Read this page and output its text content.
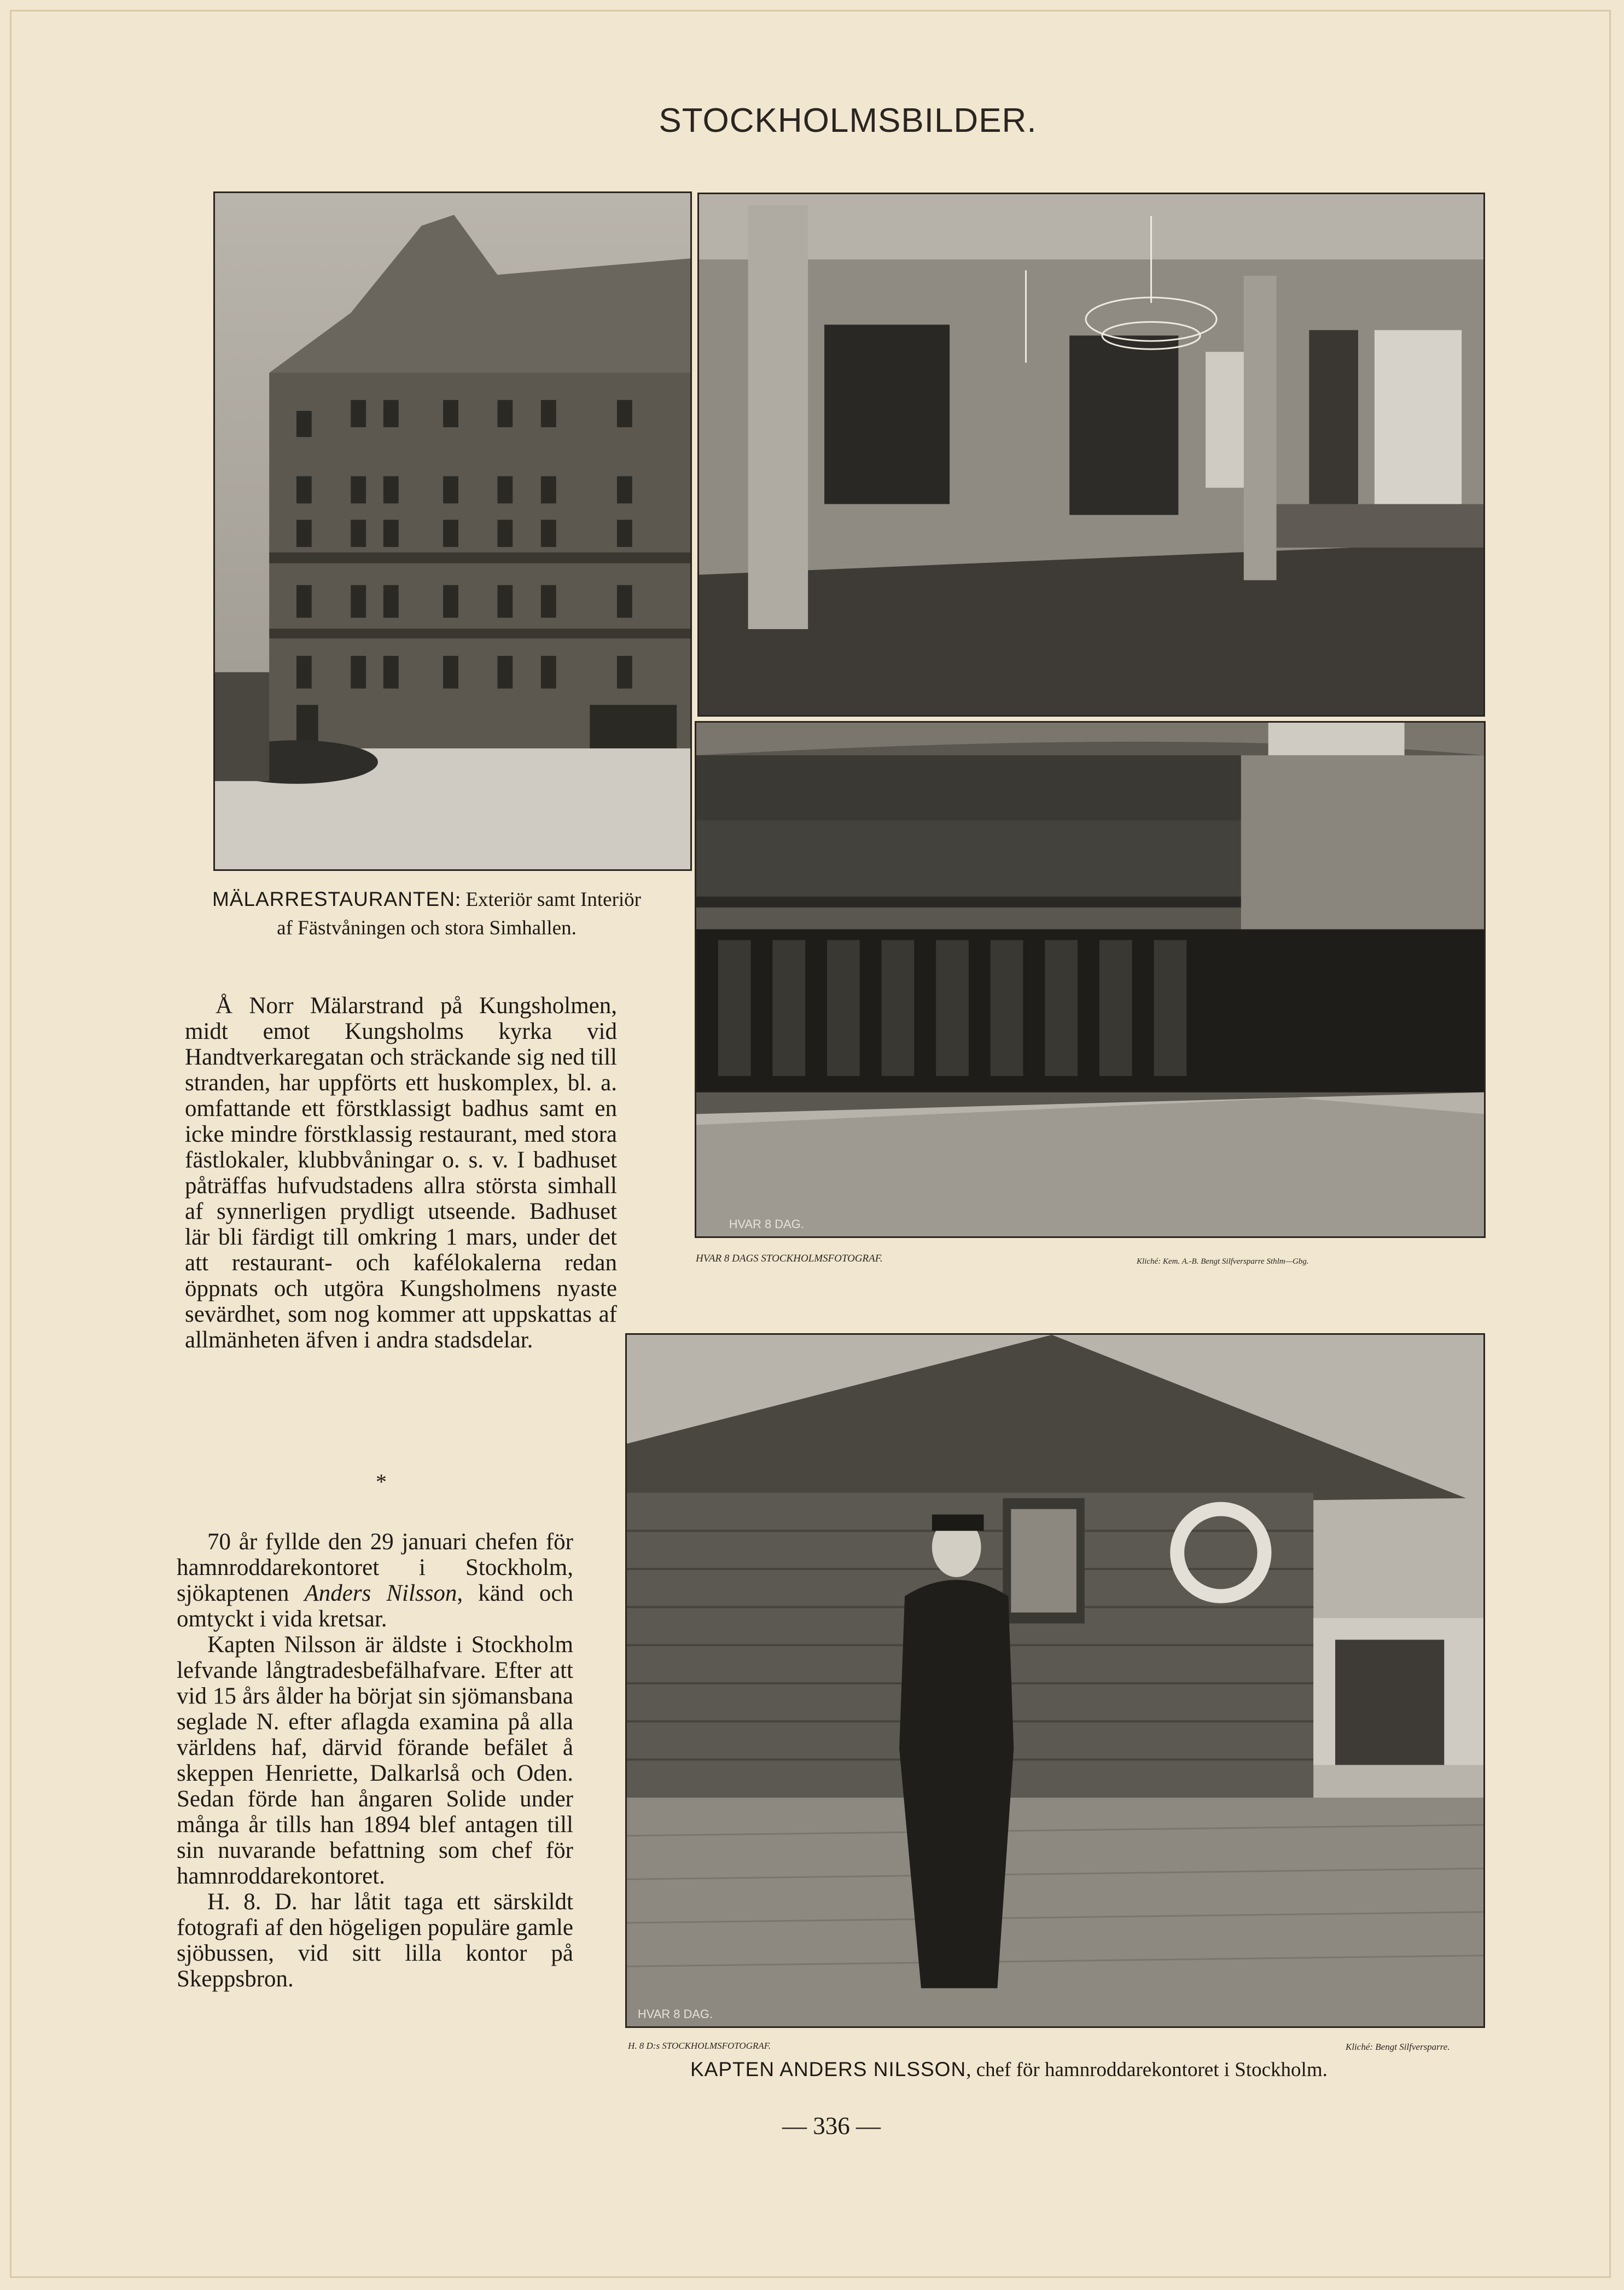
STOCKHOLMSBILDER.
HVAR 8 DAG.
HVAR 8 DAGS STOCKHOLMSFOTOGRAF.	Kliché: Kem. A.-B. Bengt Silfversparre Sthlm—Gbg.
HVAR 8 DAG.
H. 8 D:s STOCKHOLMSFOTOGRAF.	Kliché: Bengt Silfversparre.
MÄLARRESTAURANTEN: Exteriör samt Interiör
af Fästvåningen och stora Simhallen.

Å Norr Mälarstrand på Kungsholmen, midt emot Kungsholms kyrka vid Handtverkaregatan och sträckande sig ned till stranden, har uppförts ett huskomplex, bl. a. omfattande ett förstklassigt badhus samt en icke mindre förstklassig restaurant, med stora fästlokaler, klubbvåningar o. s. v. I badhuset påträffas hufvudstadens allra största simhall af synnerligen prydligt utseende. Badhuset lär bli färdigt till omkring 1 mars, under det att restaurant- och kafélokalerna redan öppnats och utgöra Kungsholmens nyaste sevärdhet, som nog kommer att uppskattas af allmänheten äfven i andra stadsdelar.

*

70 år fyllde den 29 januari chefen för hamnroddarekontoret i Stockholm, sjökaptenen Anders Nilsson, känd och omtyckt i vida kretsar.

Kapten Nilsson är äldste i Stockholm lefvande långtradesbefälhafvare. Efter att vid 15 års ålder ha börjat sin sjömansbana seglade N. efter aflagda examina på alla världens haf, därvid förande befälet å skeppen Henriette, Dalkarlså och Oden. Sedan förde han ångaren Solide under många år tills han 1894 blef antagen till sin nuvarande befattning som chef för hamnroddarekontoret.

H. 8. D. har låtit taga ett särskildt fotografi af den högeligen populäre gamle sjöbussen, vid sitt lilla kontor på Skeppsbron.

KAPTEN ANDERS NILSSON, chef för hamnroddarekontoret i Stockholm.
— 336 —
